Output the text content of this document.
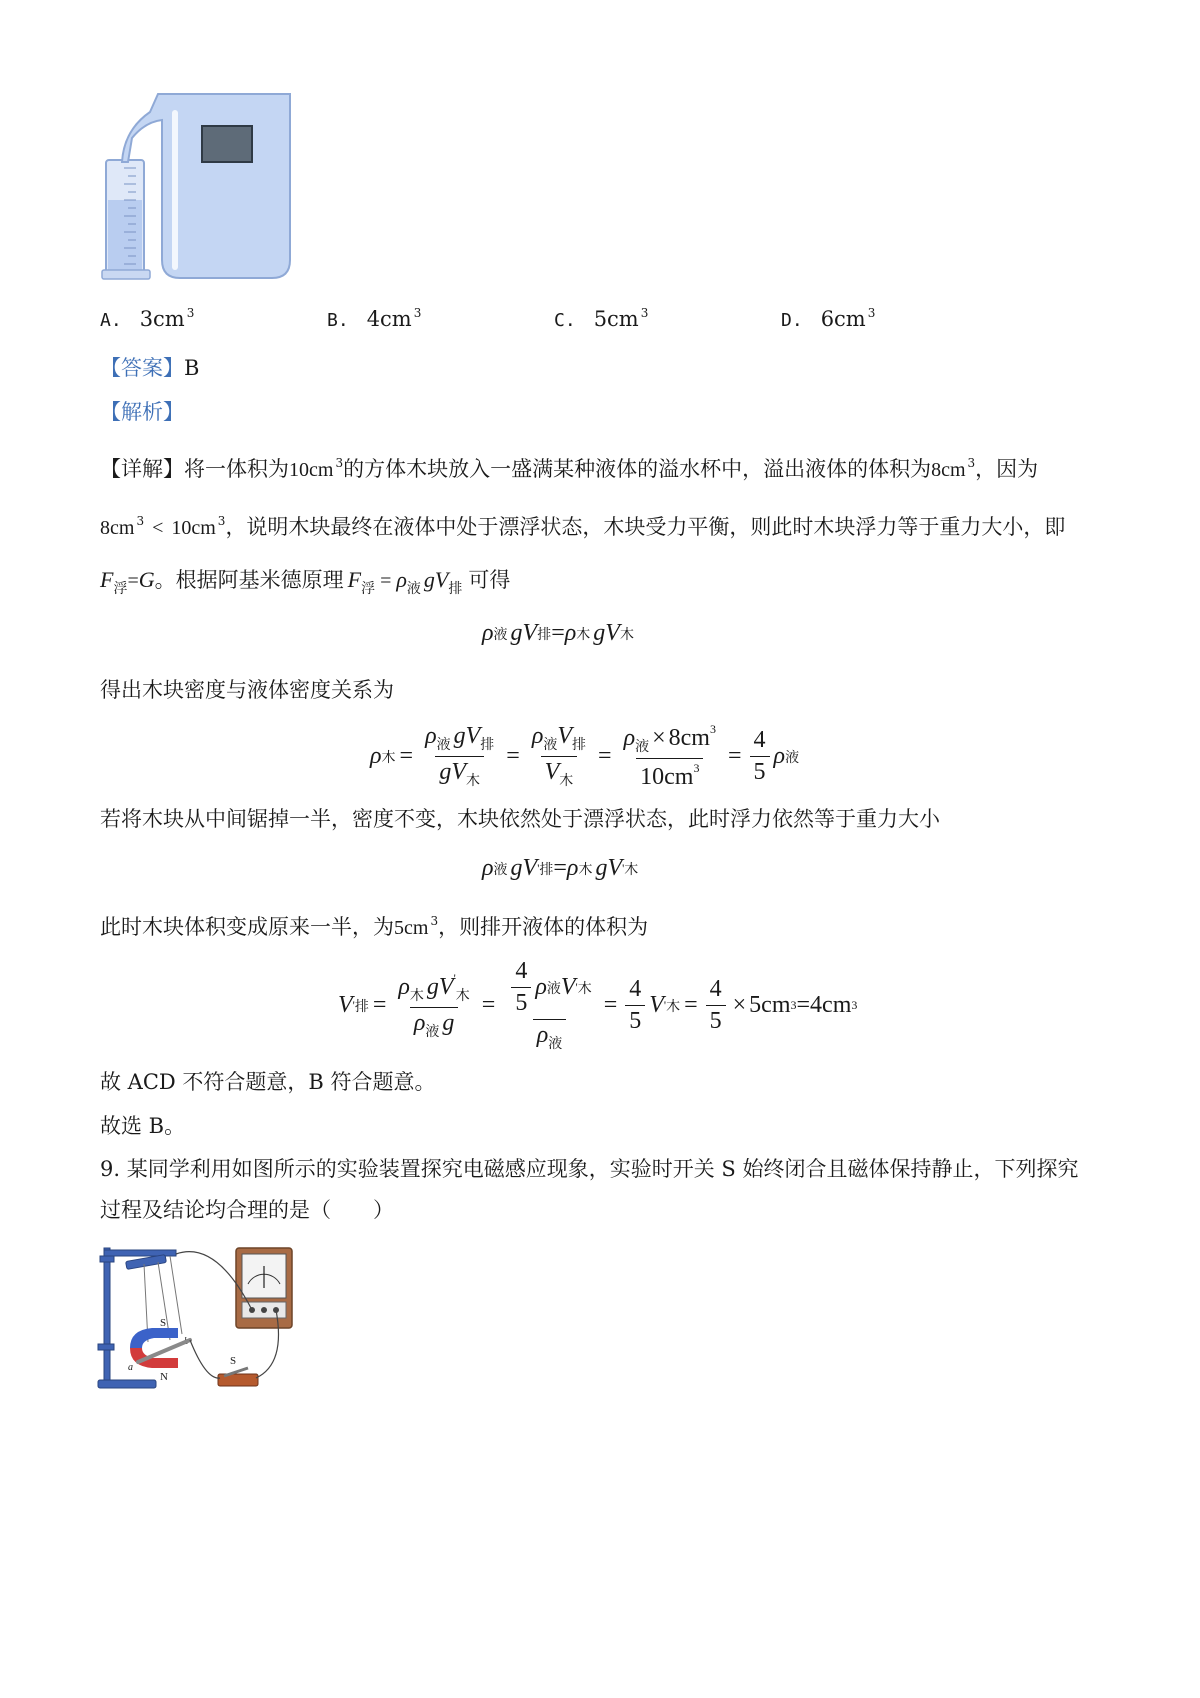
A. 3cm $^3$	B. 4cm $^3$	C. 5cm $^3$	D. 6cm $^3$
【答案】B
【解析】
【详解】将一体积为10cm $^3$的方体木块放入一盛满某种液体的溢水杯中，溢出液体的体积为8cm $^3$，因为
8cm $^3$ < 10cm $^3$，说明木块最终在液体中处于漂浮状态，木块受力平衡，则此时木块浮力等于重力大小，即
$F_浮=G$。根据阿基米德原理 $F_浮 = \rho_液$ $gV_排$ 可得
ρ 液 g V 排 = ρ 木 g V 木
得出木块密度与液体密度关系为
ρ 木 = $\frac{\rho_液 gV_排}{gV_木} = \frac{\rho_液V_排}{V_木} = \frac{\rho_液 \times 8cm^3}{10cm^3} = \frac{4}{5}$ ρ 液
若将木块从中间锯掉一半，密度不变，木块依然处于漂浮状态，此时浮力依然等于重力大小
ρ 液 g V ' 排 = ρ 木 g V ' 木
此时木块体积变成原来一半，为5cm $^3$，则排开液体的体积为
V ' 排 = $\frac{\rho_木 gV'_木}{\rho_液 g} = \frac{\frac{4}{5} \rho 液 V ' 木}{\rho_液} = \frac{4}{5}$ V ' 木 = $\frac{4}{5} \times 5cm$ 3 = 4cm 3
故 ACD 不符合题意，B 符合题意。
故选 B。
9. 某同学利用如图所示的实验装置探究电磁感应现象，实验时开关 S 始终闭合且磁体保持静止，下列探究
过程及结论均合理的是（　　）
S
N
a
S
